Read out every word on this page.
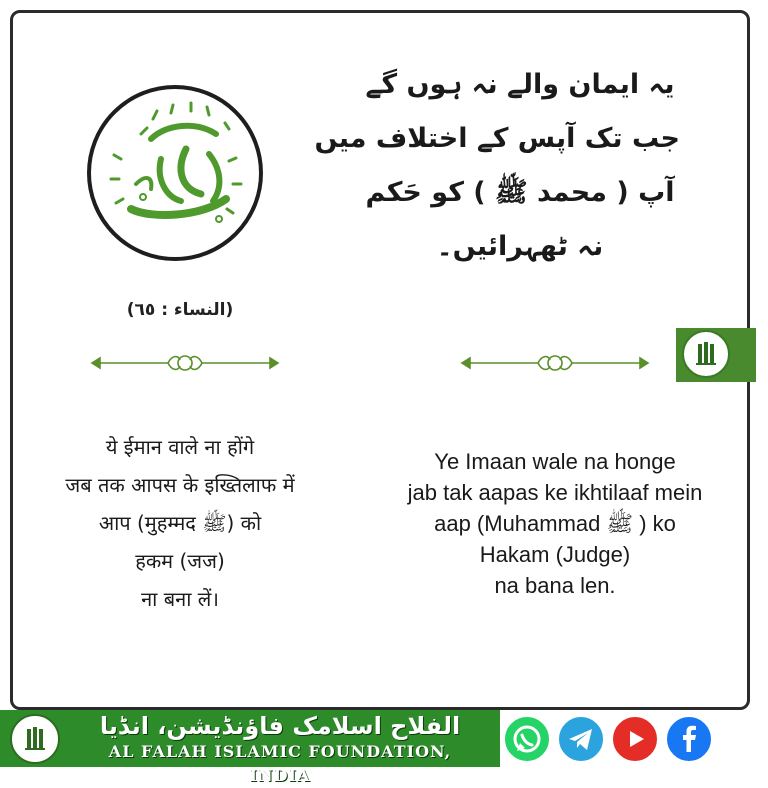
یہ ایمان والے نہ ہوں گے
جب تک آپس کے اختلاف میں
آپ ( محمد ﷺ ) کو حَکم
نہ ٹھہرائیں۔
(النساء : ٦٥)
ये ईमान वाले ना होंगे
जब तक आपस के इख्तिलाफ में
आप (मुहम्मद ﷺ) को
हकम (जज)
ना बना लें।
Ye Imaan wale na honge
jab tak aapas ke ikhtilaaf mein
aap (Muhammad ﷺ ) ko
Hakam (Judge)
na bana len.
الفلاح اسلامک فاؤنڈیشن، انڈیا
AL FALAH ISLAMIC FOUNDATION, INDIA
